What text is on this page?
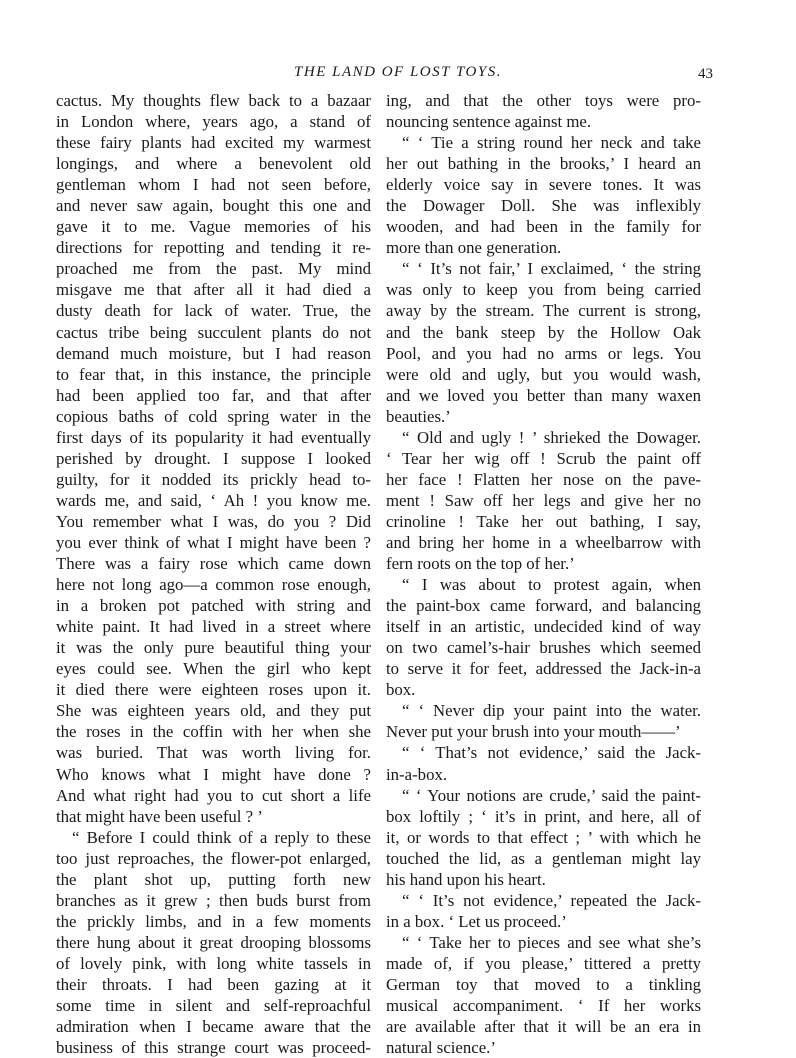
THE LAND OF LOST TOYS.	43
cactus. My thoughts flew back to a bazaar
in London where, years ago, a stand of
these fairy plants had excited my warmest
longings, and where a benevolent old
gentleman whom I had not seen before,
and never saw again, bought this one and
gave it to me. Vague memories of his
directions for repotting and tending it re-
proached me from the past. My mind
misgave me that after all it had died a
dusty death for lack of water. True, the
cactus tribe being succulent plants do not
demand much moisture, but I had reason
to fear that, in this instance, the principle
had been applied too far, and that after
copious baths of cold spring water in the
first days of its popularity it had eventually
perished by drought. I suppose I looked
guilty, for it nodded its prickly head to-
wards me, and said, ‘ Ah ! you know me.
You remember what I was, do you ? Did
you ever think of what I might have been ?
There was a fairy rose which came down
here not long ago—a common rose enough,
in a broken pot patched with string and
white paint. It had lived in a street where
it was the only pure beautiful thing your
eyes could see. When the girl who kept
it died there were eighteen roses upon it.
She was eighteen years old, and they put
the roses in the coffin with her when she
was buried. That was worth living for.
Who knows what I might have done ?
And what right had you to cut short a life
that might have been useful ? ’
“ Before I could think of a reply to these
too just reproaches, the flower-pot enlarged,
the plant shot up, putting forth new
branches as it grew ; then buds burst from
the prickly limbs, and in a few moments
there hung about it great drooping blossoms
of lovely pink, with long white tassels in
their throats. I had been gazing at it
some time in silent and self-reproachful
admiration when I became aware that the
business of this strange court was proceed-
ing, and that the other toys were pro-
nouncing sentence against me.
“ ‘ Tie a string round her neck and take
her out bathing in the brooks,’ I heard an
elderly voice say in severe tones. It was
the Dowager Doll. She was inflexibly
wooden, and had been in the family for
more than one generation.
“ ‘ It’s not fair,’ I exclaimed, ‘ the string
was only to keep you from being carried
away by the stream. The current is strong,
and the bank steep by the Hollow Oak
Pool, and you had no arms or legs. You
were old and ugly, but you would wash,
and we loved you better than many waxen
beauties.’
“ Old and ugly ! ’ shrieked the Dowager.
‘ Tear her wig off ! Scrub the paint off
her face ! Flatten her nose on the pave-
ment ! Saw off her legs and give her no
crinoline ! Take her out bathing, I say,
and bring her home in a wheelbarrow with
fern roots on the top of her.’
“ I was about to protest again, when
the paint-box came forward, and balancing
itself in an artistic, undecided kind of way
on two camel’s-hair brushes which seemed
to serve it for feet, addressed the Jack-in-a
box.
“ ‘ Never dip your paint into the water.
Never put your brush into your mouth——’
“ ‘ That’s not evidence,’ said the Jack-
in-a-box.
“ ‘ Your notions are crude,’ said the paint-
box loftily ; ‘ it’s in print, and here, all of
it, or words to that effect ; ’ with which he
touched the lid, as a gentleman might lay
his hand upon his heart.
“ ‘ It’s not evidence,’ repeated the Jack-
in a box. ‘ Let us proceed.’
“ ‘ Take her to pieces and see what she’s
made of, if you please,’ tittered a pretty
German toy that moved to a tinkling
musical accompaniment. ‘ If her works
are available after that it will be an era in
natural science.’
